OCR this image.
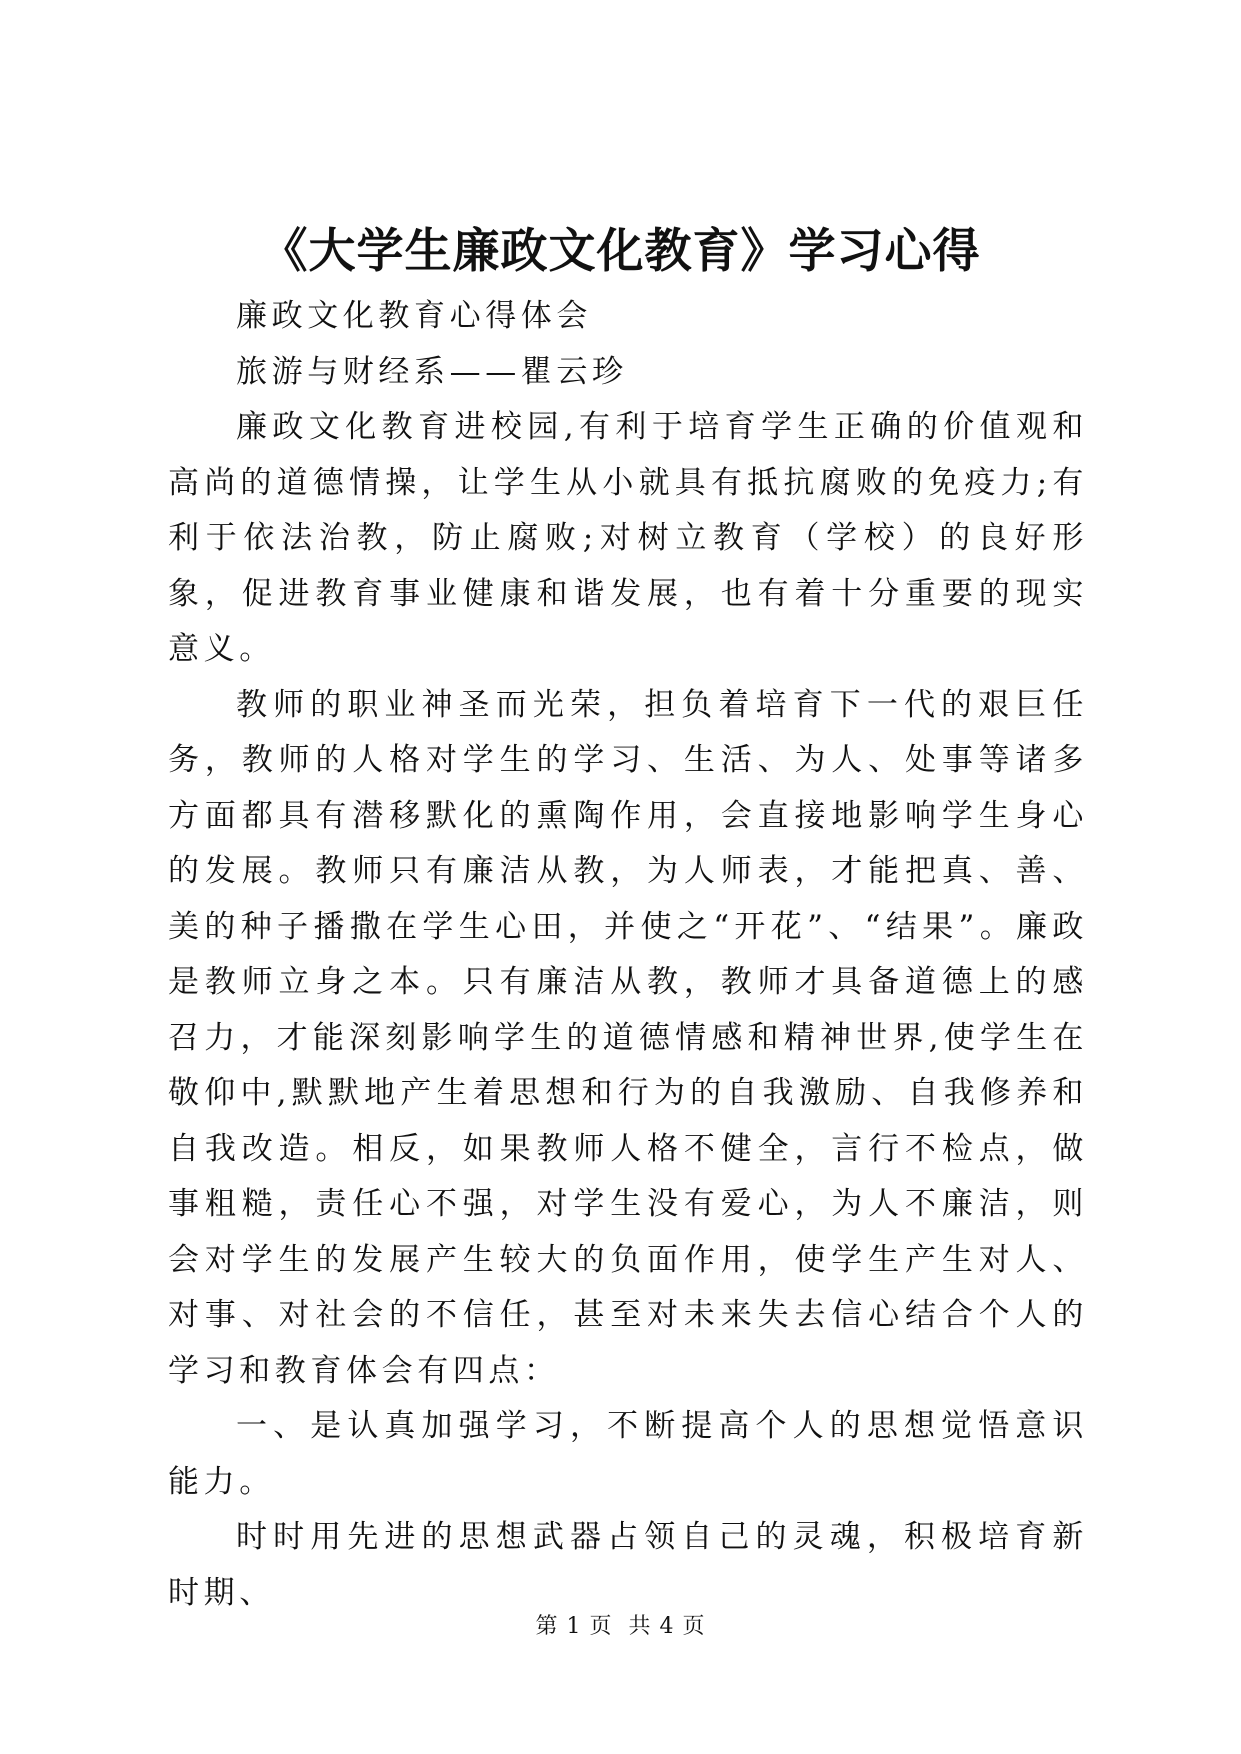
《大学生廉政文化教育》学习心得

廉政文化教育心得体会

旅游与财经系——瞿云珍

廉政文化教育进校园,有利于培育学生正确的价值观和高尚的道德情操，让学生从小就具有抵抗腐败的免疫力;有利于依法治教，防止腐败;对树立教育（学校）的良好形象，促进教育事业健康和谐发展，也有着十分重要的现实意义。

教师的职业神圣而光荣，担负着培育下一代的艰巨任务，教师的人格对学生的学习、生活、为人、处事等诸多方面都具有潜移默化的熏陶作用，会直接地影响学生身心的发展。教师只有廉洁从教，为人师表，才能把真、善、美的种子播撒在学生心田，并使之“开花”、“结果”。廉政是教师立身之本。只有廉洁从教，教师才具备道德上的感召力，才能深刻影响学生的道德情感和精神世界,使学生在敬仰中,默默地产生着思想和行为的自我激励、自我修养和自我改造。相反，如果教师人格不健全，言行不检点，做事粗糙，责任心不强，对学生没有爱心，为人不廉洁，则会对学生的发展产生较大的负面作用，使学生产生对人、对事、对社会的不信任，甚至对未来失去信心结合个人的学习和教育体会有四点：

一、是认真加强学习，不断提高个人的思想觉悟意识能力。

时时用先进的思想武器占领自己的灵魂，积极培育新时期、

第 1 页  共 4 页
